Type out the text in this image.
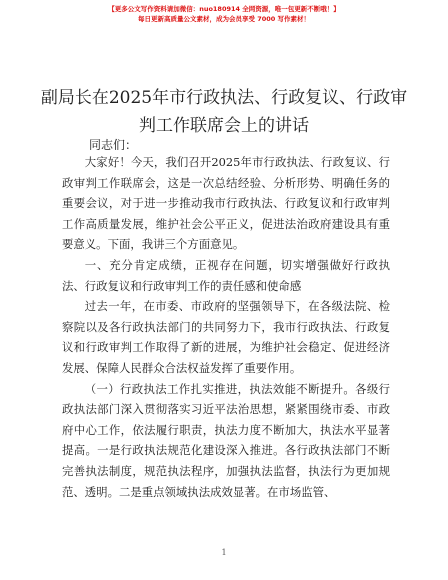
【更多公文写作资料请加微信：nuo180914 全网资源，唯一包更新不断哦！】
每日更新高质量公文素材，成为会员享受 7000 写作素材！
副局长在2025年市行政执法、行政复议、行政审判工作联席会上的讲话
同志们：

大家好！今天，我们召开2025年市行政执法、行政复议、行政审判工作联席会，这是一次总结经验、分析形势、明确任务的重要会议，对于进一步推动我市行政执法、行政复议和行政审判工作高质量发展，维护社会公平正义，促进法治政府建设具有重要意义。下面，我讲三个方面意见。

一、充分肯定成绩，正视存在问题，切实增强做好行政执法、行政复议和行政审判工作的责任感和使命感

过去一年，在市委、市政府的坚强领导下，在各级法院、检察院以及各行政执法部门的共同努力下，我市行政执法、行政复议和行政审判工作取得了新的进展，为维护社会稳定、促进经济发展、保障人民群众合法权益发挥了重要作用。

（一）行政执法工作扎实推进，执法效能不断提升。各级行政执法部门深入贯彻落实习近平法治思想，紧紧围绕市委、市政府中心工作，依法履行职责，执法力度不断加大，执法水平显著提高。一是行政执法规范化建设深入推进。各行政执法部门不断完善执法制度，规范执法程序，加强执法监督，执法行为更加规范、透明。二是重点领域执法成效显著。在市场监管、

1
